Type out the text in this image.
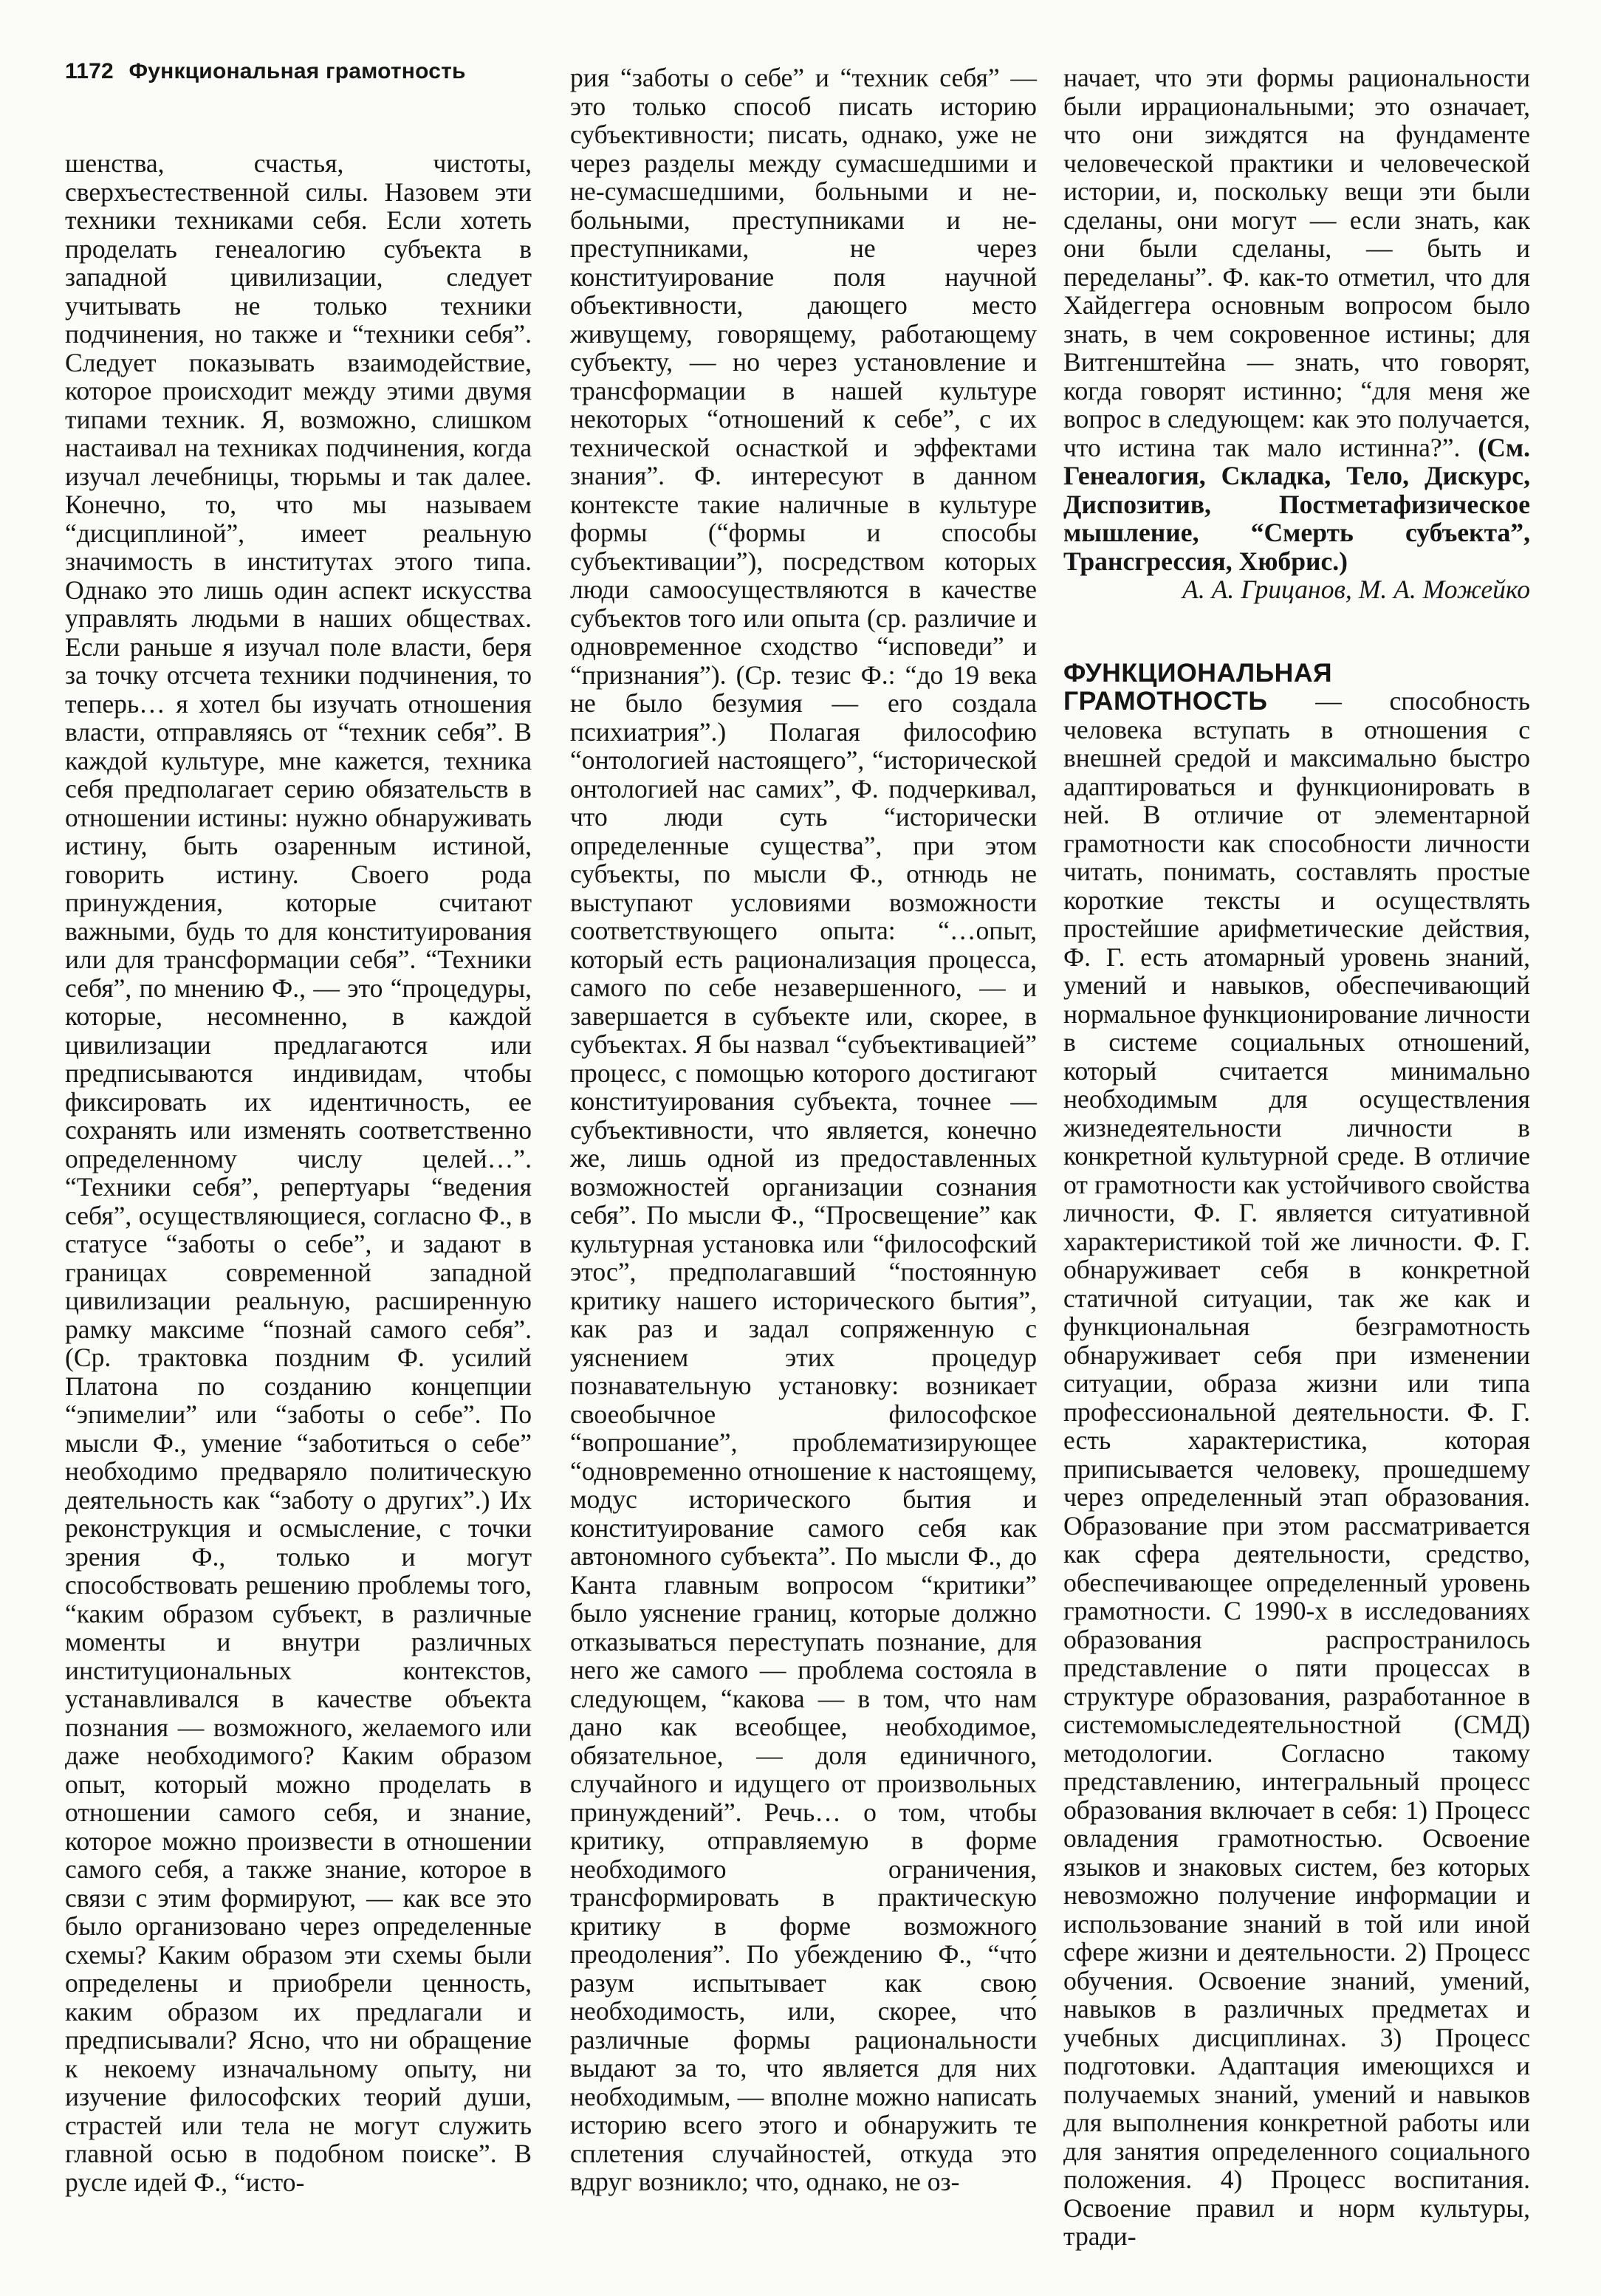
1172 Функциональная грамотность

шенства, счастья, чистоты, сверхъестественной силы. Назовем эти техники техниками себя. Если хотеть проделать генеалогию субъекта в западной цивилизации, следует учитывать не только техники подчинения, но также и “техники себя”. Следует показывать взаимодействие, которое происходит между этими двумя типами техник. Я, возможно, слишком настаивал на техниках подчинения, когда изучал лечебницы, тюрьмы и так далее. Конечно, то, что мы называем “дисциплиной”, имеет реальную значимость в институтах этого типа. Однако это лишь один аспект искусства управлять людьми в наших обществах. Если раньше я изучал поле власти, беря за точку отсчета техники подчинения, то теперь… я хотел бы изучать отношения власти, отправляясь от “техник себя”. В каждой культуре, мне кажется, техника себя предполагает серию обязательств в отношении истины: нужно обнаруживать истину, быть озаренным истиной, говорить истину. Своего рода принуждения, которые считают важными, будь то для конституирования или для трансформации себя”. “Техники себя”, по мнению Ф., — это “процедуры, которые, несомненно, в каждой цивилизации предлагаются или предписываются индивидам, чтобы фиксировать их идентичность, ее сохранять или изменять соответственно определенному числу целей…”. “Техники себя”, репертуары “ведения себя”, осуществляющиеся, согласно Ф., в статусе “заботы о себе”, и задают в границах современной западной цивилизации реальную, расширенную рамку максиме “познай самого себя”. (Ср. трактовка поздним Ф. усилий Платона по созданию концепции “эпимелии” или “заботы о себе”. По мысли Ф., умение “заботиться о себе” необходимо предваряло политическую деятельность как “заботу о других”.) Их реконструкция и осмысление, с точки зрения Ф., только и могут способствовать решению проблемы того, “каким образом субъект, в различные моменты и внутри различных институциональных контекстов, устанавливался в качестве объекта познания — возможного, желаемого или даже необходимого? Каким образом опыт, который можно проделать в отношении самого себя, и знание, которое можно произвести в отношении самого себя, а также знание, которое в связи с этим формируют, — как все это было организовано через определенные схемы? Каким образом эти схемы были определены и приобрели ценность, каким образом их предлагали и предписывали? Ясно, что ни обращение к некоему изначальному опыту, ни изучение философских теорий души, страстей или тела не могут служить главной осью в подобном поиске”. В русле идей Ф., “исто-

рия “заботы о себе” и “техник себя” — это только способ писать историю субъективности; писать, однако, уже не через разделы между сумасшедшими и не-сумасшедшими, больными и не-больными, преступниками и не-преступниками, не через конституирование поля научной объективности, дающего место живущему, говорящему, работающему субъекту, — но через установление и трансформации в нашей культуре некоторых “отношений к себе”, с их технической оснасткой и эффектами знания”. Ф. интересуют в данном контексте такие наличные в культуре формы (“формы и способы субъективации”), посредством которых люди самоосуществляются в качестве субъектов того или опыта (ср. различие и одновременное сходство “исповеди” и “признания”). (Ср. тезис Ф.: “до 19 века не было безумия — его создала психиатрия”.) Полагая философию “онтологией настоящего”, “исторической онтологией нас самих”, Ф. подчеркивал, что люди суть “исторически определенные существа”, при этом субъекты, по мысли Ф., отнюдь не выступают условиями возможности соответствующего опыта: “…опыт, который есть рационализация процесса, самого по себе незавершенного, — и завершается в субъекте или, скорее, в субъектах. Я бы назвал “субъективацией” процесс, с помощью которого достигают конституирования субъекта, точнее — субъективности, что является, конечно же, лишь одной из предоставленных возможностей организации сознания себя”. По мысли Ф., “Просвещение” как культурная установка или “философский этос”, предполагавший “постоянную критику нашего исторического бытия”, как раз и задал сопряженную с уяснением этих процедур познавательную установку: возникает своеобычное философское “вопрошание”, проблематизирующее “одновременно отношение к настоящему, модус исторического бытия и конституирование самого себя как автономного субъекта”. По мысли Ф., до Канта главным вопросом “критики” было уяснение границ, которые должно отказываться переступать познание, для него же самого — проблема состояла в следующем, “какова — в том, что нам дано как всеобщее, необходимое, обязательное, — доля единичного, случайного и идущего от произвольных принуждений”. Речь… о том, чтобы критику, отправляемую в форме необходимого ограничения, трансформировать в практическую критику в форме возможного преодоления”. По убеждению Ф., “что́ разум испытывает как свою необходимость, или, скорее, что́ различные формы рациональности выдают за то, что является для них необходимым, — вполне можно написать историю всего этого и обнаружить те сплетения случайностей, откуда это вдруг возникло; что, однако, не оз-

начает, что эти формы рациональности были иррациональными; это означает, что они зиждятся на фундаменте человеческой практики и человеческой истории, и, поскольку вещи эти были сделаны, они могут — если знать, как они были сделаны, — быть и переделаны”. Ф. как-то отметил, что для Хайдеггера основным вопросом было знать, в чем сокровенное истины; для Витгенштейна — знать, что говорят, когда говорят истинно; “для меня же вопрос в следующем: как это получается, что истина так мало истинна?”. (См. Генеалогия, Складка, Тело, Дискурс, Диспозитив, Постметафизическое мышление, “Смерть субъекта”, Трансгрессия, Хюбрис.)

А. А. Грицанов, М. А. Можейко

ФУНКЦИОНАЛЬНАЯ ГРАМОТНОСТЬ — способность человека вступать в отношения с внешней средой и максимально быстро адаптироваться и функционировать в ней. В отличие от элементарной грамотности как способности личности читать, понимать, составлять простые короткие тексты и осуществлять простейшие арифметические действия, Ф. Г. есть атомарный уровень знаний, умений и навыков, обеспечивающий нормальное функционирование личности в системе социальных отношений, который считается минимально необходимым для осуществления жизнедеятельности личности в конкретной культурной среде. В отличие от грамотности как устойчивого свойства личности, Ф. Г. является ситуативной характеристикой той же личности. Ф. Г. обнаруживает себя в конкретной статичной ситуации, так же как и функциональная безграмотность обнаруживает себя при изменении ситуации, образа жизни или типа профессиональной деятельности. Ф. Г. есть характеристика, которая приписывается человеку, прошедшему через определенный этап образования. Образование при этом рассматривается как сфера деятельности, средство, обеспечивающее определенный уровень грамотности. С 1990-х в исследованиях образования распространилось представление о пяти процессах в структуре образования, разработанное в системомыследеятельностной (СМД) методологии. Согласно такому представлению, интегральный процесс образования включает в себя: 1) Процесс овладения грамотностью. Освоение языков и знаковых систем, без которых невозможно получение информации и использование знаний в той или иной сфере жизни и деятельности. 2) Процесс обучения. Освоение знаний, умений, навыков в различных предметах и учебных дисциплинах. 3) Процесс подготовки. Адаптация имеющихся и получаемых знаний, умений и навыков для выполнения конкретной работы или для занятия определенного социального положения. 4) Процесс воспитания. Освоение правил и норм культуры, тради-
